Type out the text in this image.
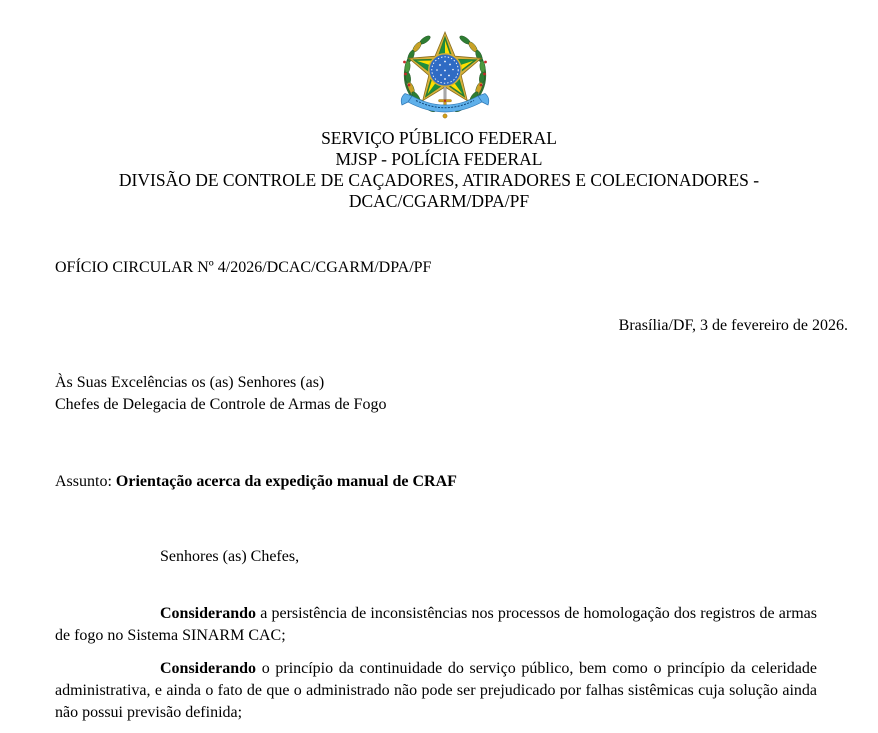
SERVIÇO PÚBLICO FEDERAL
MJSP - POLÍCIA FEDERAL
DIVISÃO DE CONTROLE DE CAÇADORES, ATIRADORES E COLECIONADORES -
DCAC/CGARM/DPA/PF
OFÍCIO CIRCULAR Nº 4/2026/DCAC/CGARM/DPA/PF
Brasília/DF, 3 de fevereiro de 2026.
Às Suas Excelências os (as) Senhores (as)
Chefes de Delegacia de Controle de Armas de Fogo
Assunto: Orientação acerca da expedição manual de CRAF
Senhores (as) Chefes,

Considerando a persistência de inconsistências nos processos de homologação dos registros de armas de fogo no Sistema SINARM CAC;

Considerando o princípio da continuidade do serviço público, bem como o princípio da celeridade administrativa, e ainda o fato de que o administrado não pode ser prejudicado por falhas sistêmicas cuja solução ainda não possui previsão definida;
